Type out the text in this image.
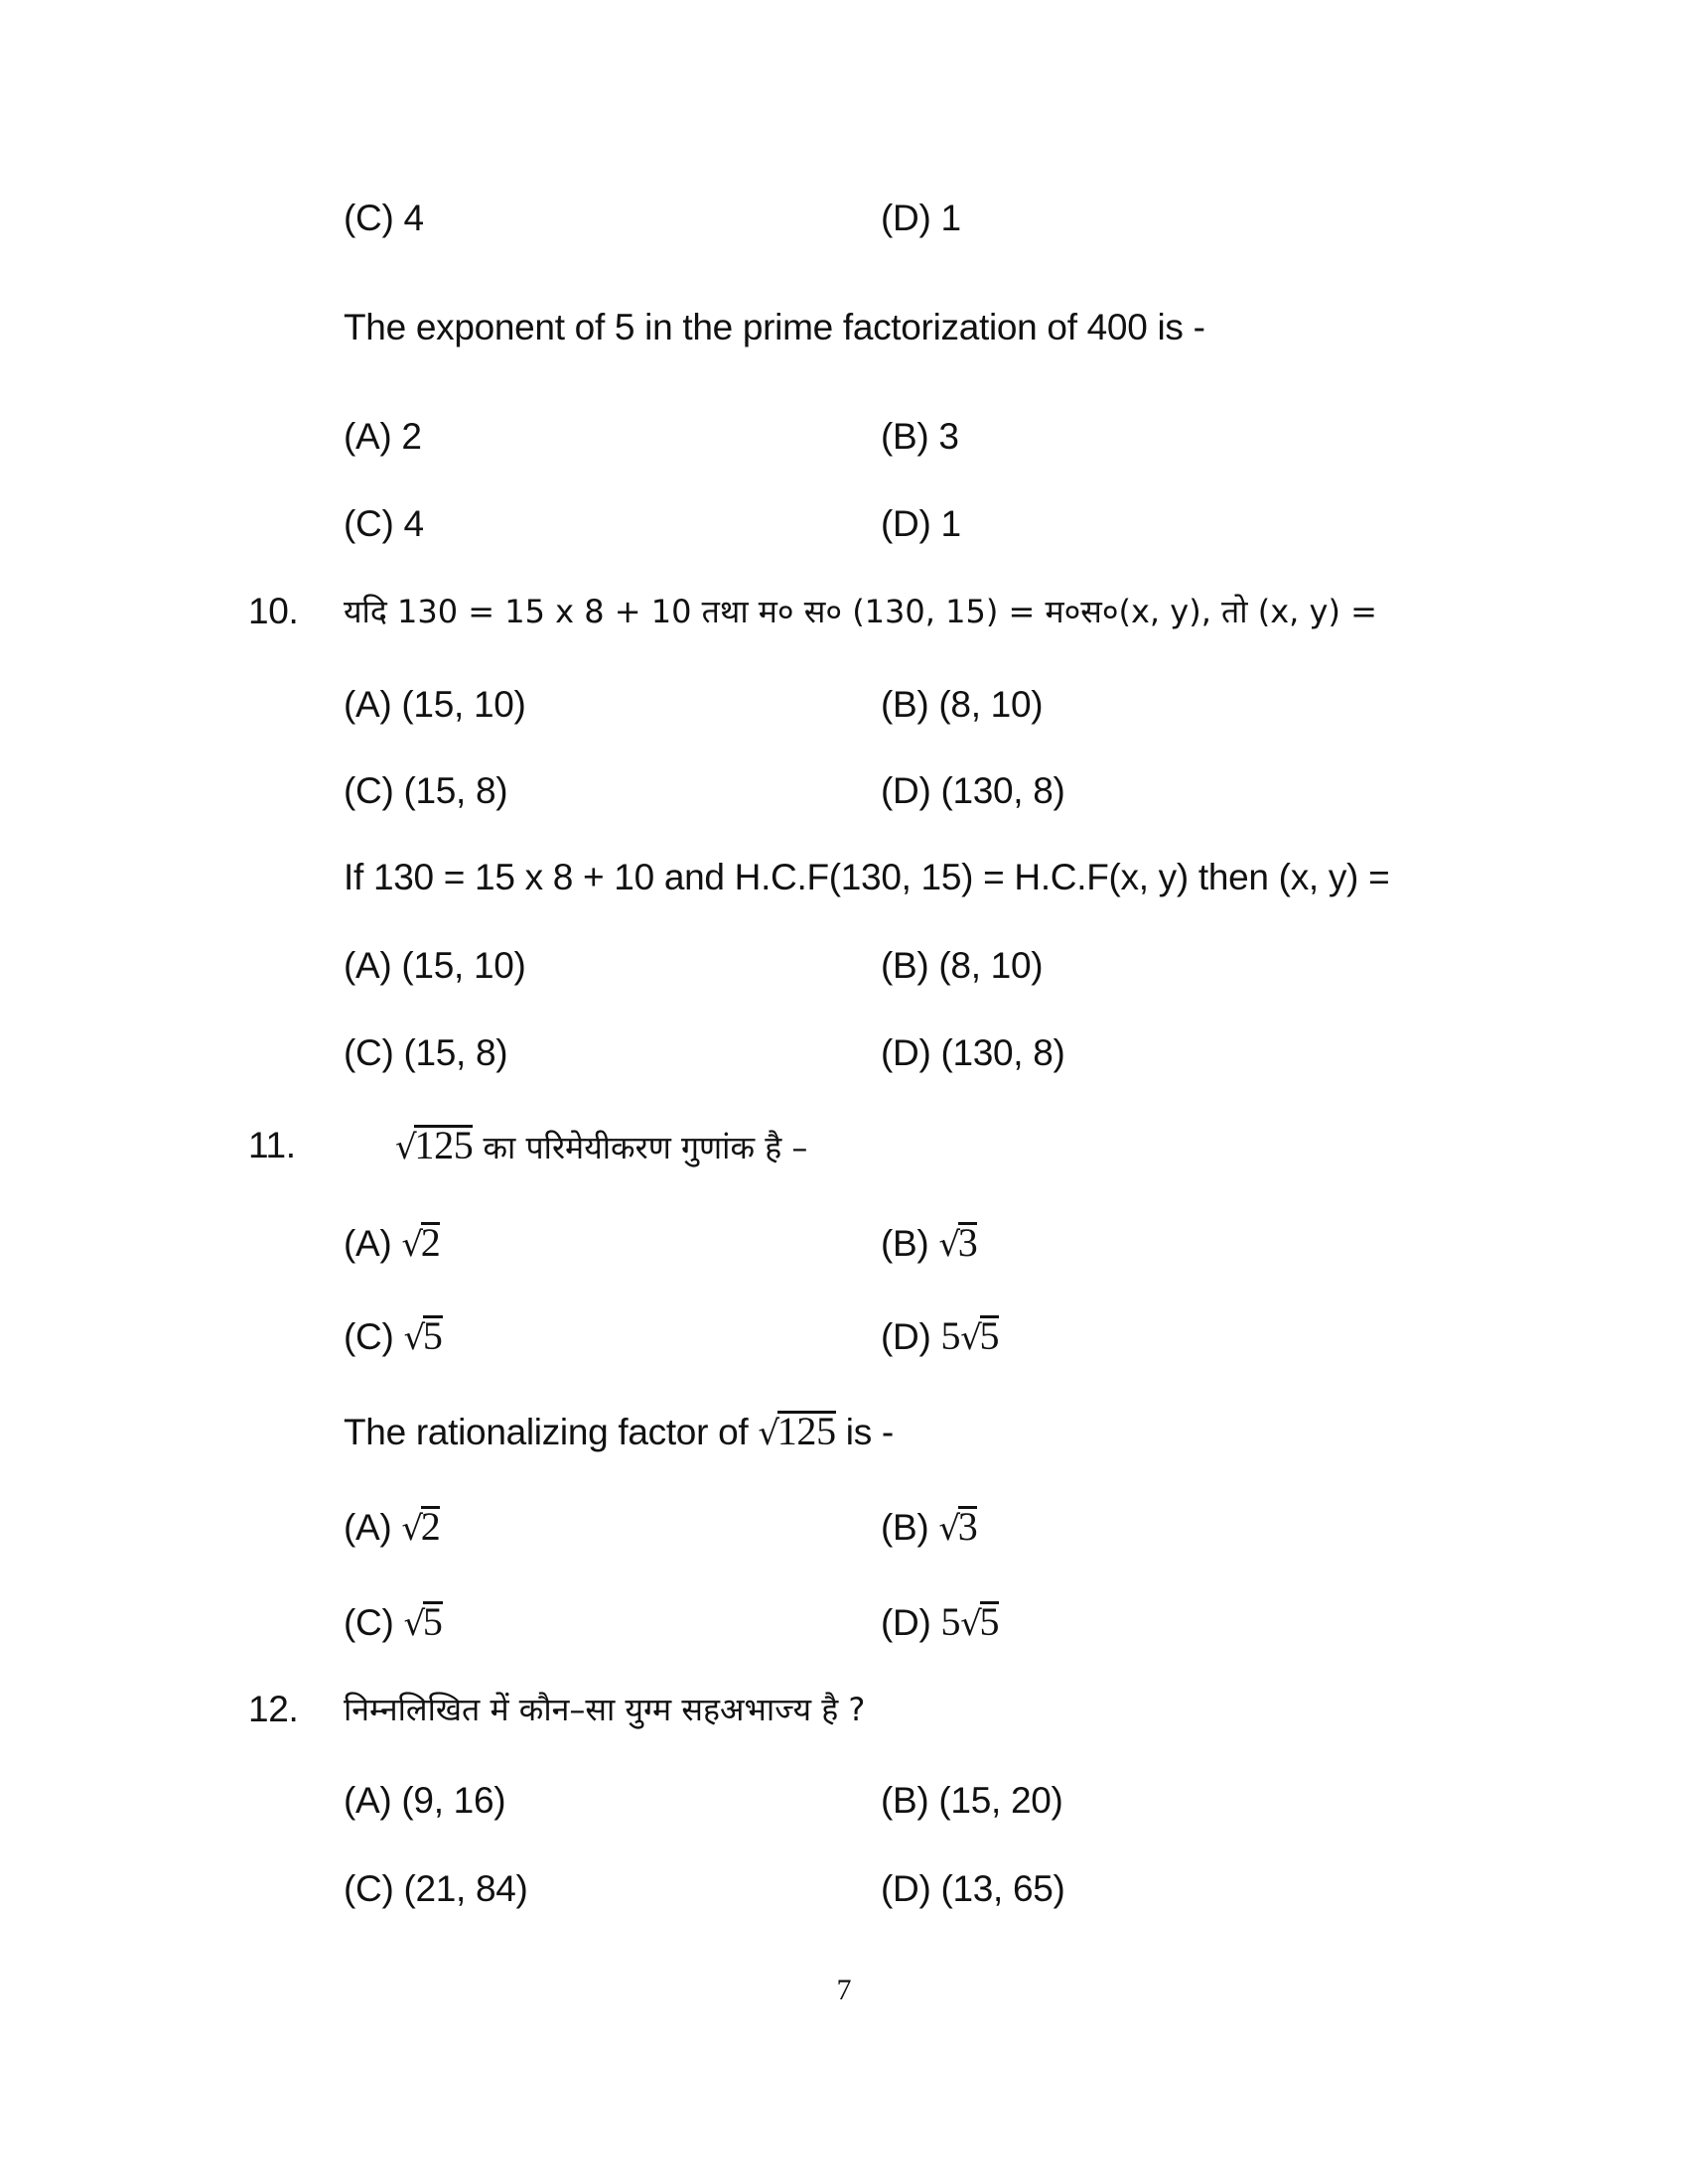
(C) 4	(D) 1
The exponent of 5 in the prime factorization of 400 is -
(A) 2	(B) 3
(C) 4	(D) 1
10. यदि 130 = 15 x 8 + 10 तथा म० स० (130, 15) = म०स०(x, y), तो (x, y) =
(A) (15, 10)	(B) (8, 10)
(C) (15, 8)	(D) (130, 8)
If 130 = 15 x 8 + 10 and H.C.F(130, 15) = H.C.F(x, y) then (x, y) =
(A) (15, 10)	(B) (8, 10)
(C) (15, 8)	(D) (130, 8)
11.	√125 का परिमेयीकरण गुणांक है –
(A) √2	(B) √3
(C) √5	(D) 5√5
The rationalizing factor of √125 is -
(A) √2	(B) √3
(C) √5	(D) 5√5
12. निम्नलिखित में कौन–सा युग्म सहअभाज्य है ?
(A) (9, 16)	(B) (15, 20)
(C) (21, 84)	(D) (13, 65)
7
